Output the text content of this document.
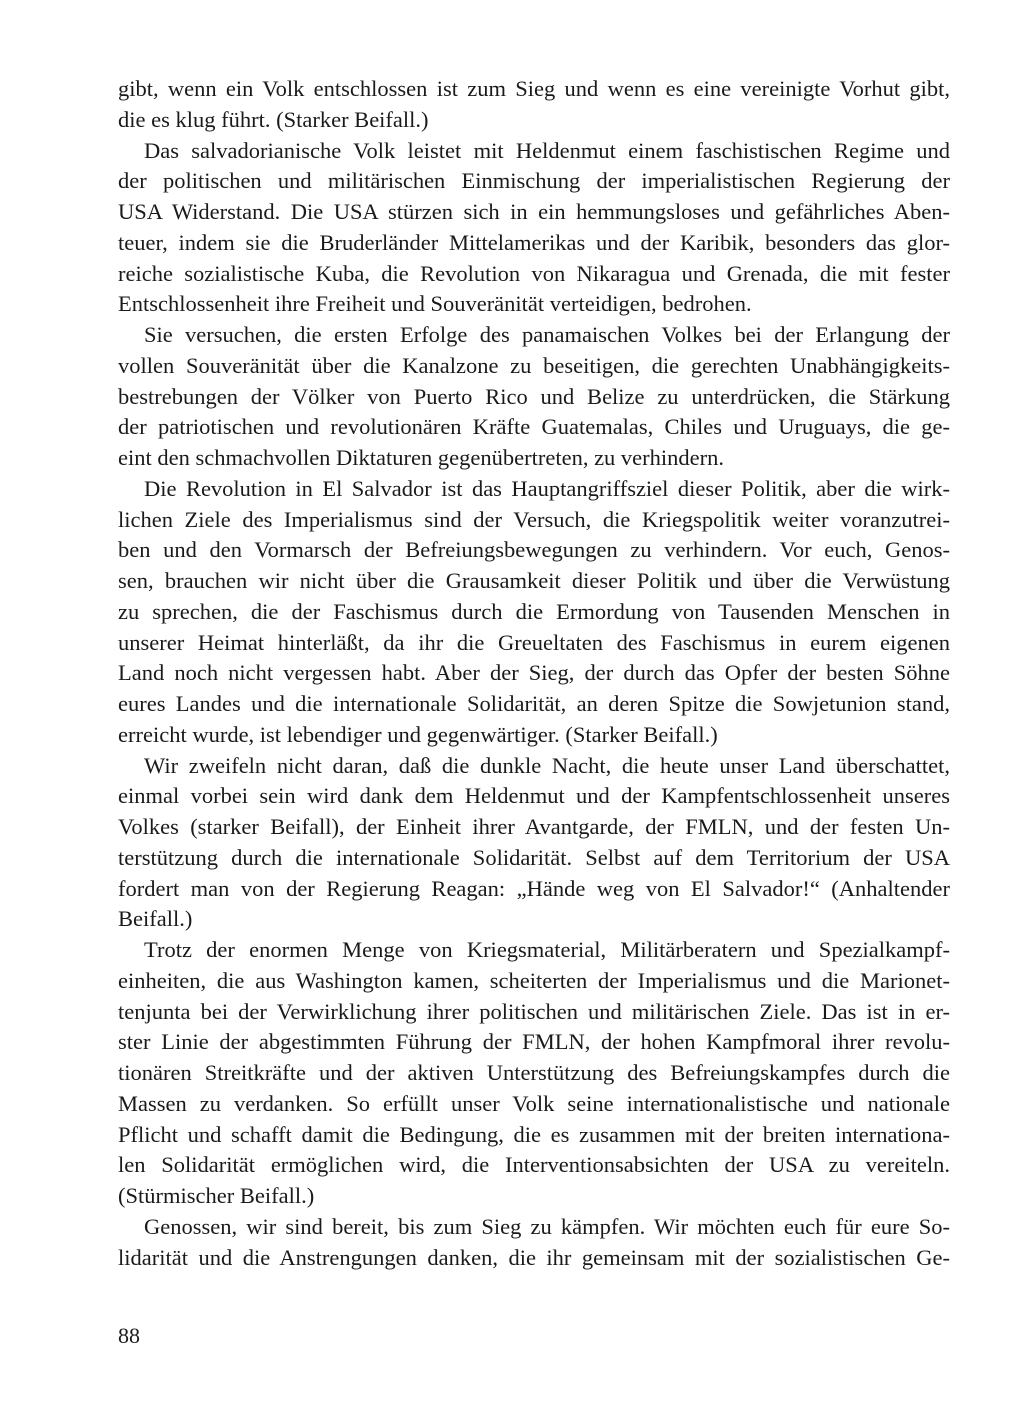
gibt, wenn ein Volk entschlossen ist zum Sieg und wenn es eine vereinigte Vorhut gibt,
die es klug führt. (Starker Beifall.)
Das salvadorianische Volk leistet mit Heldenmut einem faschistischen Regime und
der politischen und militärischen Einmischung der imperialistischen Regierung der
USA Widerstand. Die USA stürzen sich in ein hemmungsloses und gefährliches Aben-
teuer, indem sie die Bruderländer Mittelamerikas und der Karibik, besonders das glor-
reiche sozialistische Kuba, die Revolution von Nikaragua und Grenada, die mit fester
Entschlossenheit ihre Freiheit und Souveränität verteidigen, bedrohen.
Sie versuchen, die ersten Erfolge des panamaischen Volkes bei der Erlangung der
vollen Souveränität über die Kanalzone zu beseitigen, die gerechten Unabhängigkeits-
bestrebungen der Völker von Puerto Rico und Belize zu unterdrücken, die Stärkung
der patriotischen und revolutionären Kräfte Guatemalas, Chiles und Uruguays, die ge-
eint den schmachvollen Diktaturen gegenübertreten, zu verhindern.
Die Revolution in El Salvador ist das Hauptangriffsziel dieser Politik, aber die wirk-
lichen Ziele des Imperialismus sind der Versuch, die Kriegspolitik weiter voranzutrei-
ben und den Vormarsch der Befreiungsbewegungen zu verhindern. Vor euch, Genos-
sen, brauchen wir nicht über die Grausamkeit dieser Politik und über die Verwüstung
zu sprechen, die der Faschismus durch die Ermordung von Tausenden Menschen in
unserer Heimat hinterläßt, da ihr die Greueltaten des Faschismus in eurem eigenen
Land noch nicht vergessen habt. Aber der Sieg, der durch das Opfer der besten Söhne
eures Landes und die internationale Solidarität, an deren Spitze die Sowjetunion stand,
erreicht wurde, ist lebendiger und gegenwärtiger. (Starker Beifall.)
Wir zweifeln nicht daran, daß die dunkle Nacht, die heute unser Land überschattet,
einmal vorbei sein wird dank dem Heldenmut und der Kampfentschlossenheit unseres
Volkes (starker Beifall), der Einheit ihrer Avantgarde, der FMLN, und der festen Un-
terstützung durch die internationale Solidarität. Selbst auf dem Territorium der USA
fordert man von der Regierung Reagan: „Hände weg von El Salvador!“ (Anhaltender
Beifall.)
Trotz der enormen Menge von Kriegsmaterial, Militärberatern und Spezialkampf-
einheiten, die aus Washington kamen, scheiterten der Imperialismus und die Marionet-
tenjunta bei der Verwirklichung ihrer politischen und militärischen Ziele. Das ist in er-
ster Linie der abgestimmten Führung der FMLN, der hohen Kampfmoral ihrer revolu-
tionären Streitkräfte und der aktiven Unterstützung des Befreiungskampfes durch die
Massen zu verdanken. So erfüllt unser Volk seine internationalistische und nationale
Pflicht und schafft damit die Bedingung, die es zusammen mit der breiten internationa-
len Solidarität ermöglichen wird, die Interventionsabsichten der USA zu vereiteln.
(Stürmischer Beifall.)
Genossen, wir sind bereit, bis zum Sieg zu kämpfen. Wir möchten euch für eure So-
lidarität und die Anstrengungen danken, die ihr gemeinsam mit der sozialistischen Ge-
88
